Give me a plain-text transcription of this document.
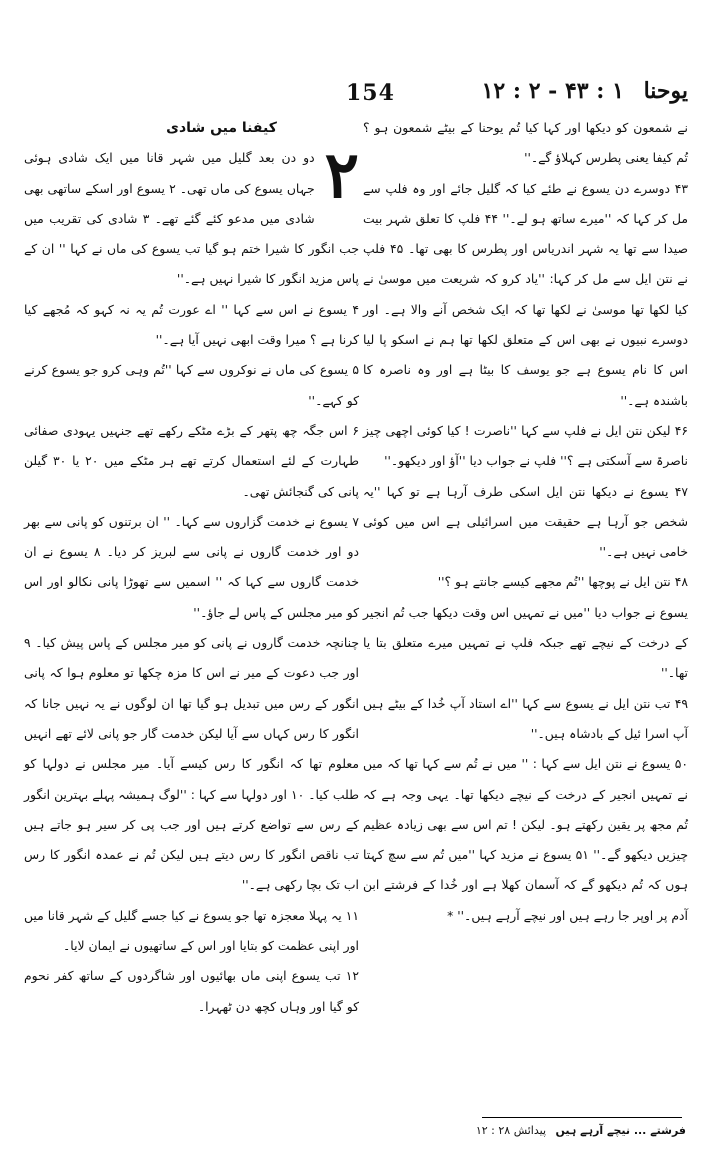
یوحنا ۱ : ۴۳ - ۲ : ۱۲
154

نے شمعون کو دیکھا اور کہا کیا تُم یوحنا کے بیٹے شمعون ہو ؟ تُم کیفا یعنی پطرس کہلاؤ گے۔''

۴۳ دوسرے دن یسوع نے طئے کیا کہ گلیل جائے اور وہ فلپ سے مل کر کہا کہ ''میرے ساتھ ہو لے۔'' ۴۴ فلپ کا تعلق شہر بیت صیدا سے تھا یہ شہر اندریاس اور پطرس کا بھی تھا۔ ۴۵ فلپ نے نتن ایل سے مل کر کہا: ''یاد کرو کہ شریعت میں موسیٰ نے کیا لکھا تھا موسیٰ نے لکھا تھا کہ ایک شخص آنے والا ہے۔ اور دوسرے نبیوں نے بھی اس کے متعلق لکھا تھا ہم نے اسکو پا لیا اس کا نام یسوع ہے جو یوسف کا بیٹا ہے اور وہ ناصرہ کا باشندہ ہے۔''

۴۶ لیکن نتن ایل نے فلپ سے کہا ''ناصرت ! کیا کوئی اچھی چیز ناصرۃ سے آسکتی ہے ؟'' فلپ نے جواب دیا ''آؤ اور دیکھو۔''

۴۷ یسوع نے دیکھا نتن ایل اسکی طرف آرہا ہے تو کہا ''یہ شخص جو آرہا ہے حقیقت میں اسرائیلی ہے اس میں کوئی خامی نہیں ہے۔''

۴۸ نتن ایل نے پوچھا ''تُم مجھے کیسے جانتے ہو ؟''

یسوع نے جواب دیا ''میں نے تمہیں اس وقت دیکھا جب تُم انجیر کے درخت کے نیچے تھے جبکہ فلپ نے تمہیں میرے متعلق بتا یا تھا۔''

۴۹ تب نتن ایل نے یسوع سے کہا ''اے استاد آپ خُدا کے بیٹے ہیں آپ اسرا ئیل کے بادشاہ ہیں۔''

۵۰ یسوع نے نتن ایل سے کہا : '' میں نے تُم سے کہا تھا کہ میں نے تمہیں انجیر کے درخت کے نیچے دیکھا تھا۔ یہی وجہ ہے کہ تُم مجھ پر یقین رکھتے ہو۔ لیکن ! تم اس سے بھی زیادہ عظیم چیزیں دیکھو گے۔'' ۵۱ یسوع نے مزید کہا ''میں تُم سے سچ کہتا ہوں کہ تُم دیکھو گے کہ آسمان کھلا ہے اور خُدا کے فرشتے ابن آدم پر اوپر جا رہے ہیں اور نیچے آرہے ہیں۔'' *

کیفنا میں شادی

۲
دو دن بعد گلیل میں شہر قانا میں ایک شادی ہوئی جہاں یسوع کی ماں تھی۔ ۲ یسوع اور اسکے ساتھی بھی شادی میں مدعو کئے گئے تھے۔ ۳ شادی کی تقریب میں جب انگور کا شیرا ختم ہو گیا تب یسوع کی ماں نے کہا '' ان کے پاس مزید انگور کا شیرا نہیں ہے۔''

۴ یسوع نے اس سے کہا '' اے عورت تُم یہ نہ کہو کہ مُجھے کیا کرنا ہے ؟ میرا وقت ابھی نہیں آیا ہے۔''

۵ یسوع کی ماں نے نوکروں سے کہا ''تُم وہی کرو جو یسوع کرنے کو کہے۔''

۶ اس جگہ چھ پتھر کے بڑے مٹکے رکھے تھے جنہیں یہودی صفائی طہارت کے لئے استعمال کرتے تھے ہر مٹکے میں ۲۰ یا ۳۰ گیلن پانی کی گنجائش تھی۔

۷ یسوع نے خدمت گزاروں سے کہا۔ '' ان برتنوں کو پانی سے بھر دو اور خدمت گاروں نے پانی سے لبریز کر دیا۔ ۸ یسوع نے ان خدمت گاروں سے کہا کہ '' اسمیں سے تھوڑا پانی نکالو اور اس کو میر مجلس کے پاس لے جاؤ۔''

چنانچہ خدمت گاروں نے پانی کو میر مجلس کے پاس پیش کیا۔ ۹ اور جب دعوت کے میر نے اس کا مزہ چکھا تو معلوم ہوا کہ پانی انگور کے رس میں تبدیل ہو گیا تھا ان لوگوں نے یہ نہیں جانا کہ انگور کا رس کہاں سے آیا لیکن خدمت گار جو پانی لائے تھے انہیں معلوم تھا کہ انگور کا رس کیسے آیا۔ میر مجلس نے دولہا کو طلب کیا۔ ۱۰ اور دولہا سے کہا : ''لوگ ہمیشہ پہلے بہترین انگور کے رس سے تواضع کرتے ہیں اور جب پی کر سیر ہو جاتے ہیں تب ناقص انگور کا رس دیتے ہیں لیکن تُم نے عمدہ انگور کا رس اب تک بچا رکھی ہے۔''

۱۱ یہ پہلا معجزہ تھا جو یسوع نے کیا جسے گلیل کے شہر قانا میں اور اپنی عظمت کو بتایا اور اس کے ساتھیوں نے ایمان لایا۔

۱۲ تب یسوع اپنی ماں بھائیوں اور شاگردوں کے ساتھ کفر نحوم کو گیا اور وہاں کچھ دن ٹھہرا۔

فرشتے ... نیچے آرہے ہیں پیدائش ۲۸ : ۱۲
